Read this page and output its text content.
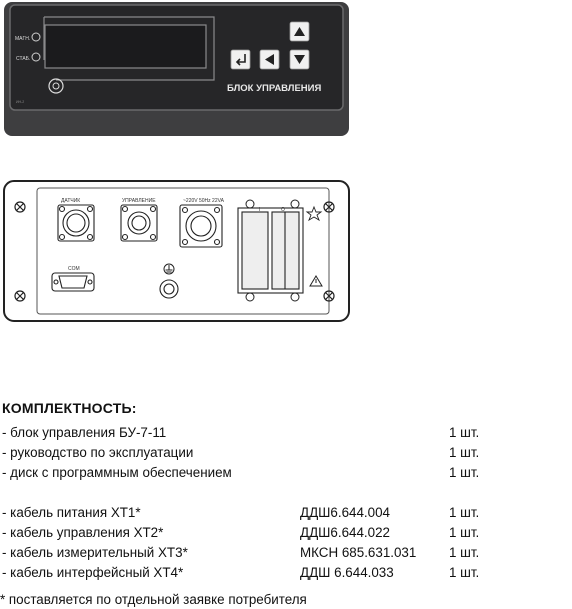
МАГН.
СТАБ.
БЛОК УПРАВЛЕНИЯ
ИН-2
ДАТЧИК	УПРАВЛЕНИЕ	~220V 50Hz 22VA
COM
I	O
КОМПЛЕКТНОСТЬ:
- блок управления БУ-7-11	1 шт.
- руководство по эксплуатации	1 шт.
- диск с программным обеспечением	1 шт.
- кабель питания ХТ1*	ДДШ6.644.004	1 шт.
- кабель управления ХТ2*	ДДШ6.644.022	1 шт.
- кабель измерительный ХТ3*	МКСН 685.631.031 1 шт.
- кабель интерфейсный ХТ4*	ДДШ 6.644.033	1 шт.
* поставляется по отдельной заявке потребителя
